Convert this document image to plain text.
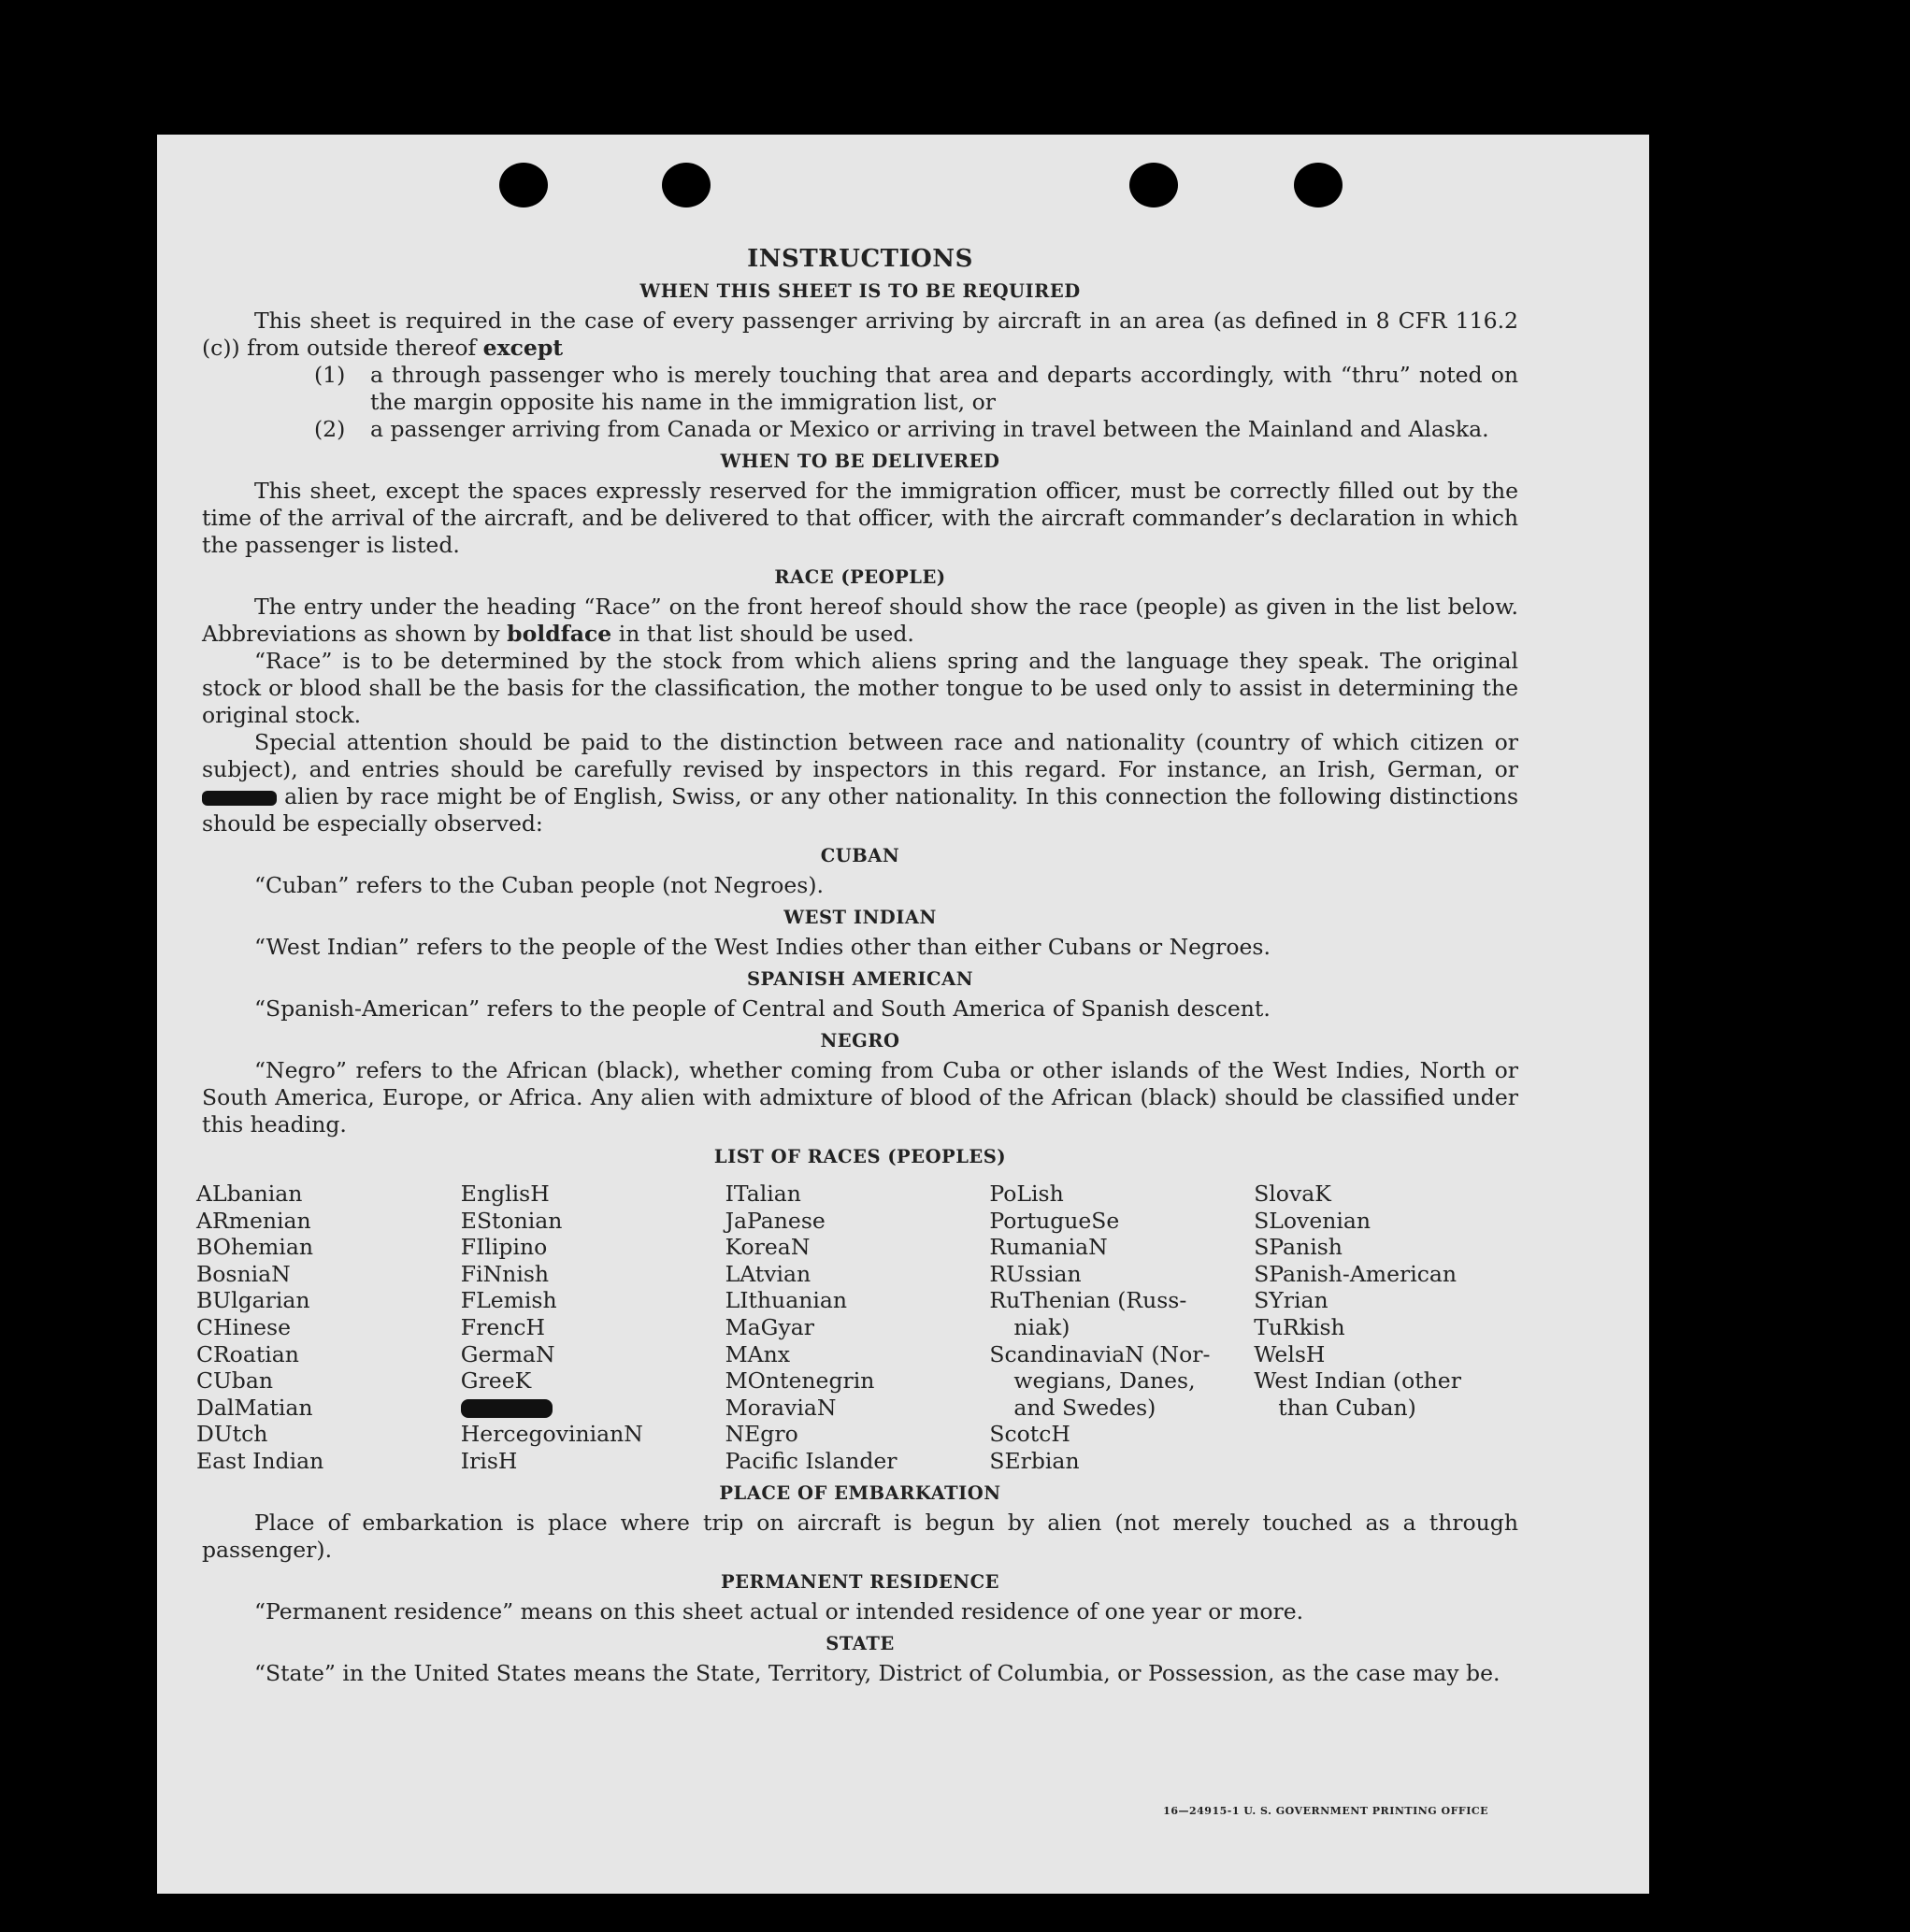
INSTRUCTIONS
WHEN THIS SHEET IS TO BE REQUIRED

This sheet is required in the case of every passenger arriving by aircraft in an area (as defined in 8 CFR 116.2 (c)) from outside thereof except

(1)	a through passenger who is merely touching that area and departs accordingly, with “thru” noted on the margin opposite his name in the immigration list, or
(2)	a passenger arriving from Canada or Mexico or arriving in travel between the Mainland and Alaska.
WHEN TO BE DELIVERED

This sheet, except the spaces expressly reserved for the immigration officer, must be correctly filled out by the time of the arrival of the aircraft, and be delivered to that officer, with the aircraft commander’s declaration in which the passenger is listed.

RACE (PEOPLE)

The entry under the heading “Race” on the front hereof should show the race (people) as given in the list below. Abbreviations as shown by boldface in that list should be used.

“Race” is to be determined by the stock from which aliens spring and the language they speak. The original stock or blood shall be the basis for the classification, the mother tongue to be used only to assist in determining the original stock.

Special attention should be paid to the distinction between race and nationality (country of which citizen or subject), and entries should be carefully revised by inspectors in this regard. For instance, an Irish, German, or  alien by race might be of English, Swiss, or any other nationality. In this connection the following distinctions should be especially observed:

CUBAN

“Cuban” refers to the Cuban people (not Negroes).

WEST INDIAN

“West Indian” refers to the people of the West Indies other than either Cubans or Negroes.

SPANISH AMERICAN

“Spanish-American” refers to the people of Central and South America of Spanish descent.

NEGRO

“Negro” refers to the African (black), whether coming from Cuba or other islands of the West Indies, North or South America, Europe, or Africa. Any alien with admixture of blood of the African (black) should be classified under this heading.

LIST OF RACES (PEOPLES)
ALbanian
ARmenian
BOhemian
BosniaN
BUlgarian
CHinese
CRoatian
CUban
DalMatian
DUtch
East Indian
EnglisH
EStonian
FIlipino
FiNnish
FLemish
FrencH
GermaN
GreeK
HercegovinianN
IrisH
ITalian
JaPanese
KoreaN
LAtvian
LIthuanian
MaGyar
MAnx
MOntenegrin
MoraviaN
NEgro
Pacific Islander
PoLish
PortugueSe
RumaniaN
RUssian
RuThenian (Russ-
niak)
ScandinaviaN (Nor-
wegians, Danes,
and Swedes)
ScotcH
SErbian
SlovaK
SLovenian
SPanish
SPanish-American
SYrian
TuRkish
WelsH
West Indian (other
than Cuban)
PLACE OF EMBARKATION

Place of embarkation is place where trip on aircraft is begun by alien (not merely touched as a through passenger).

PERMANENT RESIDENCE

“Permanent residence” means on this sheet actual or intended residence of one year or more.

STATE

“State” in the United States means the State, Territory, District of Columbia, or Possession, as the case may be.

16—24915-1 U. S. GOVERNMENT PRINTING OFFICE
